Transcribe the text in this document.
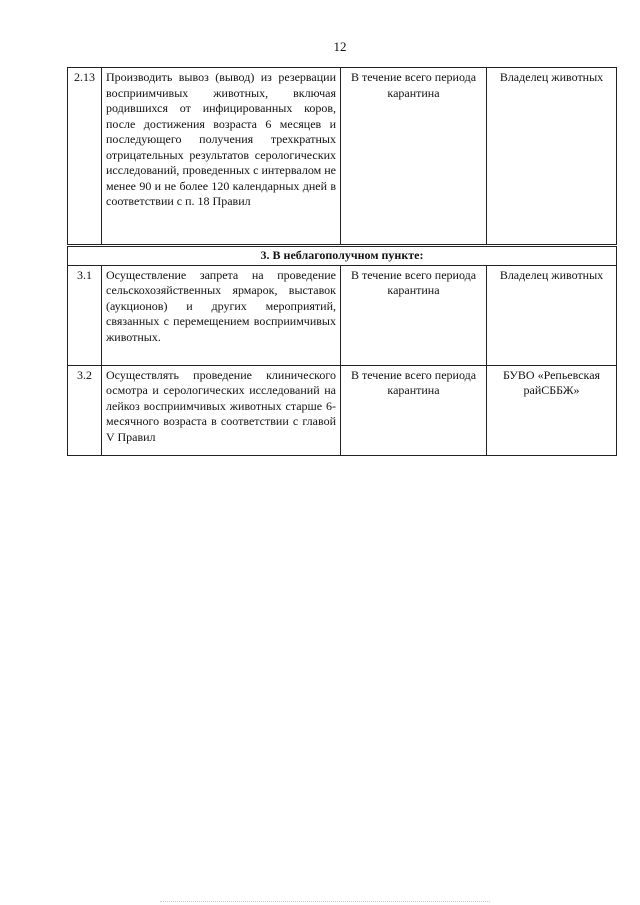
12
2.13	Производить вывоз (вывод) из резервации восприимчивых животных, включая родившихся от инфицированных коров, после достижения возраста 6 месяцев и последующего получения трехкратных отрицательных результатов серологических исследований, проведенных с интервалом не менее 90 и не более 120 календарных дней в соответствии с п. 18 Правил	В течение всего периода карантина	Владелец животных
3. В неблагополучном пункте:			
3.1	Осуществление запрета на проведение сельскохозяйственных ярмарок, выставок (аукционов) и других мероприятий, связанных с перемещением восприимчивых животных.	В течение всего периода карантина	Владелец животных
3.2	Осуществлять проведение клинического осмотра и серологических исследований на лейкоз восприимчивых животных старше 6-месячного возраста в соответствии с главой V Правил	В течение всего периода карантина	БУВО «Репьевская райСББЖ»
